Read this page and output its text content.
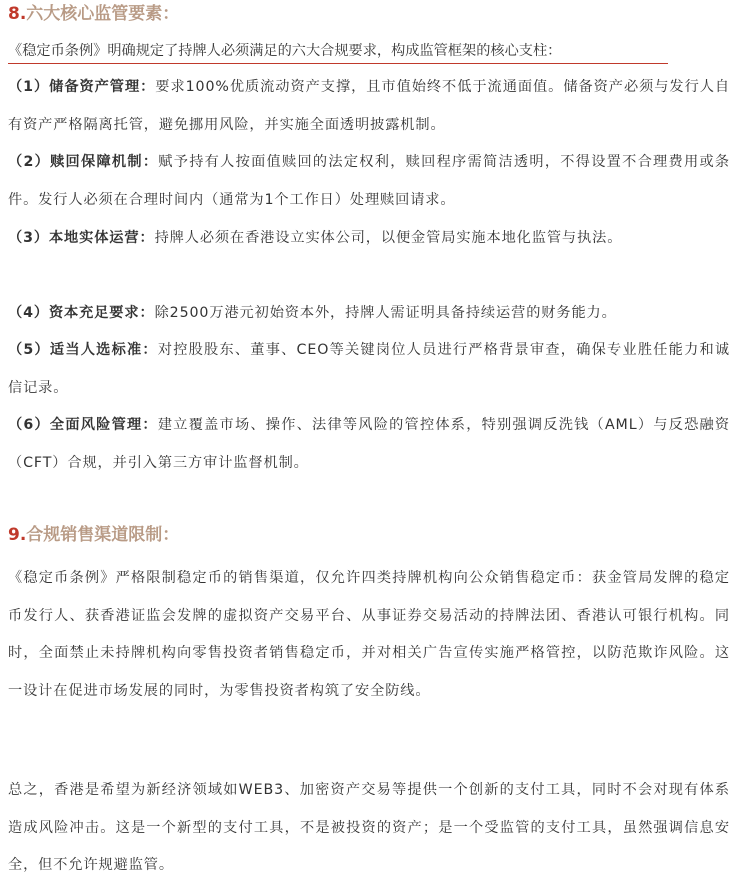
8.六大核心监管要素：

《稳定币条例》明确规定了持牌人必须满足的六大合规要求，构成监管框架的核心支柱：

（1）储备资产管理：要求100%优质流动资产支撑，且市值始终不低于流通面值。储备资产必须与发行人自有资产严格隔离托管，避免挪用风险，并实施全面透明披露机制。

（2）赎回保障机制：赋予持有人按面值赎回的法定权利，赎回程序需简洁透明，不得设置不合理费用或条件。发行人必须在合理时间内（通常为1个工作日）处理赎回请求。

（3）本地实体运营：持牌人必须在香港设立实体公司，以便金管局实施本地化监管与执法。

（4）资本充足要求：除2500万港元初始资本外，持牌人需证明具备持续运营的财务能力。

（5）适当人选标准：对控股股东、董事、CEO等关键岗位人员进行严格背景审查，确保专业胜任能力和诚信记录。

（6）全面风险管理：建立覆盖市场、操作、法律等风险的管控体系，特别强调反洗钱（AML）与反恐融资（CFT）合规，并引入第三方审计监督机制。

9.合规销售渠道限制：

《稳定币条例》严格限制稳定币的销售渠道，仅允许四类持牌机构向公众销售稳定币：获金管局发牌的稳定币发行人、获香港证监会发牌的虚拟资产交易平台、从事证券交易活动的持牌法团、香港认可银行机构。同时，全面禁止未持牌机构向零售投资者销售稳定币，并对相关广告宣传实施严格管控，以防范欺诈风险。这一设计在促进市场发展的同时，为零售投资者构筑了安全防线。

总之，香港是希望为新经济领域如WEB3、加密资产交易等提供一个创新的支付工具，同时不会对现有体系造成风险冲击。这是一个新型的支付工具，不是被投资的资产；是一个受监管的支付工具，虽然强调信息安全，但不允许规避监管。
